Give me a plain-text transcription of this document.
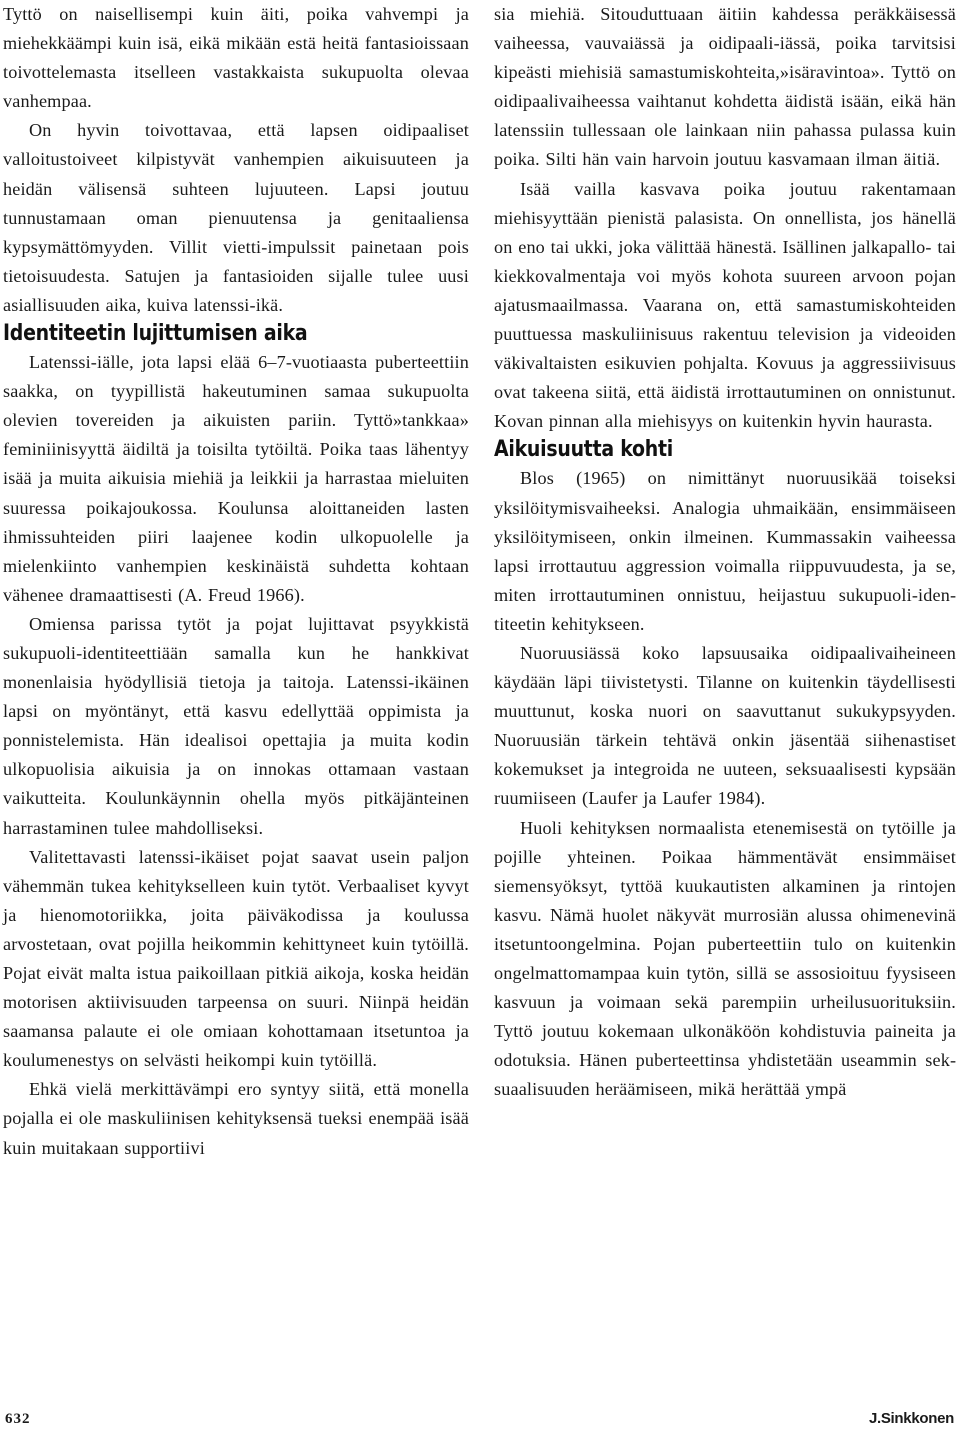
Tyttö on naisellisempi kuin äiti, poika vahvempi ja miehekkäämpi kuin isä, eikä mikään estä heitä fantasioissaan toivottelemasta itselleen vastakkaista sukupuolta olevaa vanhempaa.

On hyvin toivottavaa, että lapsen oidipaaliset valloitustoiveet kilpistyvät vanhempien aikuisuuteen ja heidän välisensä suhteen lujuuteen. Lapsi joutuu tunnustamaan oman pienuutensa ja genitaaliensa kypsymättömyyden. Villit vietti-impulssit painetaan pois tietoisuudesta. Satujen ja fantasioiden sijalle tulee uusi asiallisuuden aika, kuiva latenssi-ikä.

Identiteetin lujittumisen aika

Latenssi-iälle, jota lapsi elää 6–7-vuotiaasta puberteettiin saakka, on tyypillistä hakeutuminen samaa sukupuolta olevien tovereiden ja aikuisten pariin. Tyttö»tankkaa» feminiinisyyttä äidiltä ja toisilta tytöiltä. Poika taas lähentyy isää ja muita aikuisia miehiä ja leikkii ja harrastaa mieluiten suuressa poikajoukossa. Koulunsa aloittaneiden lasten ihmissuhteiden piiri laajenee kodin ulkopuolelle ja mielenkiinto vanhempien keskinäistä suhdetta kohtaan vähenee dramaattisesti (A. Freud 1966).

Omiensa parissa tytöt ja pojat lujittavat psyykkistä sukupuoli-identiteettiään samalla kun he hankkivat monenlaisia hyödyllisiä tietoja ja taitoja. Latenssi-ikäinen lapsi on myöntänyt, että kasvu edellyttää oppimista ja ponnistelemista. Hän idealisoi opettajia ja muita kodin ulkopuolisia aikuisia ja on innokas ottamaan vastaan vaikutteita. Koulunkäynnin ohella myös pitkäjänteinen harrastaminen tulee mahdolliseksi.

Valitettavasti latenssi-ikäiset pojat saavat usein paljon vähemmän tukea kehitykselleen kuin tytöt. Verbaaliset kyvyt ja hienomotoriikka, joita päiväkodissa ja koulussa arvostetaan, ovat pojilla heikommin kehittyneet kuin tytöillä. Pojat eivät malta istua paikoillaan pitkiä aikoja, koska heidän motorisen aktiivisuuden tarpeensa on suuri. Niinpä heidän saamansa palaute ei ole omiaan kohottamaan itsetuntoa ja koulumenestys on selvästi heikompi kuin tytöillä.

Ehkä vielä merkittävämpi ero syntyy siitä, että monella pojalla ei ole maskuliinisen kehityksensä tueksi enempää isää kuin muitakaan supportiivi

sia miehiä. Sitouduttuaan äitiin kahdessa peräkkäisessä vaiheessa, vauvaiässä ja oidipaali-iässä, poika tarvitsisi kipeästi miehisiä samastumiskohteita,»isäravintoa». Tyttö on oidipaalivaiheessa vaihtanut kohdetta äidistä isään, eikä hän latenssiin tullessaan ole lainkaan niin pahassa pulassa kuin poika. Silti hän vain harvoin joutuu kasvamaan ilman äitiä.

Isää vailla kasvava poika joutuu rakentamaan miehisyyttään pienistä palasista. On onnellista, jos hänellä on eno tai ukki, joka välittää hänestä. Isällinen jalkapallo- tai kiekkovalmentaja voi myös kohota suureen arvoon pojan ajatusmaailmassa. Vaarana on, että samastumiskohteiden puuttuessa maskuliinisuus rakentuu television ja videoiden väkivaltaisten esikuvien pohjalta. Kovuus ja aggressiivisuus ovat takeena siitä, että äidistä irrottautuminen on onnistunut. Kovan pinnan alla miehisyys on kuitenkin hyvin haurasta.

Aikuisuutta kohti

Blos (1965) on nimittänyt nuoruusikää toiseksi yksilöitymisvaiheeksi. Analogia uhmaikään, ensimmäiseen yksilöitymiseen, onkin ilmeinen. Kummassakin vaiheessa lapsi irrottautuu aggression voimalla riippuvuudesta, ja se, miten irrottautuminen onnistuu, heijastuu sukupuoli-identiteetin kehitykseen.

Nuoruusiässä koko lapsuusaika oidipaalivaiheineen käydään läpi tiivistetysti. Tilanne on kuitenkin täydellisesti muuttunut, koska nuori on saavuttanut sukukypsyyden. Nuoruusiän tärkein tehtävä onkin jäsentää siihenastiset kokemukset ja integroida ne uuteen, seksuaalisesti kypsään ruumiiseen (Laufer ja Laufer 1984).

Huoli kehityksen normaalista etenemisestä on tytöille ja pojille yhteinen. Poikaa hämmentävät ensimmäiset siemensyöksyt, tyttöä kuukautisten alkaminen ja rintojen kasvu. Nämä huolet näkyvät murrosiän alussa ohimenevinä itsetuntoongelmina. Pojan puberteettiin tulo on kuitenkin ongelmattomampaa kuin tytön, sillä se assosioituu fyysiseen kasvuun ja voimaan sekä parempiin urheilusuorituksiin. Tyttö joutuu kokemaan ulkonäköön kohdistuvia paineita ja odotuksia. Hänen puberteettinsa yhdistetään useammin seksuaalisuuden heräämiseen, mikä herättää ympä

632	J.Sinkkonen
